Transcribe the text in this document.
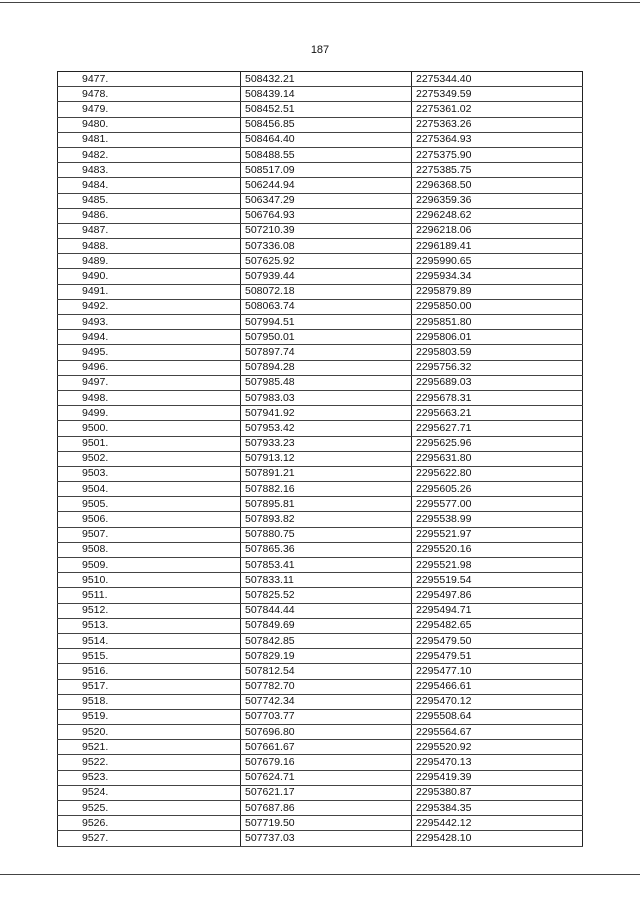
187
9477.	508432.21	2275344.40
9478.	508439.14	2275349.59
9479.	508452.51	2275361.02
9480.	508456.85	2275363.26
9481.	508464.40	2275364.93
9482.	508488.55	2275375.90
9483.	508517.09	2275385.75
9484.	506244.94	2296368.50
9485.	506347.29	2296359.36
9486.	506764.93	2296248.62
9487.	507210.39	2296218.06
9488.	507336.08	2296189.41
9489.	507625.92	2295990.65
9490.	507939.44	2295934.34
9491.	508072.18	2295879.89
9492.	508063.74	2295850.00
9493.	507994.51	2295851.80
9494.	507950.01	2295806.01
9495.	507897.74	2295803.59
9496.	507894.28	2295756.32
9497.	507985.48	2295689.03
9498.	507983.03	2295678.31
9499.	507941.92	2295663.21
9500.	507953.42	2295627.71
9501.	507933.23	2295625.96
9502.	507913.12	2295631.80
9503.	507891.21	2295622.80
9504.	507882.16	2295605.26
9505.	507895.81	2295577.00
9506.	507893.82	2295538.99
9507.	507880.75	2295521.97
9508.	507865.36	2295520.16
9509.	507853.41	2295521.98
9510.	507833.11	2295519.54
9511.	507825.52	2295497.86
9512.	507844.44	2295494.71
9513.	507849.69	2295482.65
9514.	507842.85	2295479.50
9515.	507829.19	2295479.51
9516.	507812.54	2295477.10
9517.	507782.70	2295466.61
9518.	507742.34	2295470.12
9519.	507703.77	2295508.64
9520.	507696.80	2295564.67
9521.	507661.67	2295520.92
9522.	507679.16	2295470.13
9523.	507624.71	2295419.39
9524.	507621.17	2295380.87
9525.	507687.86	2295384.35
9526.	507719.50	2295442.12
9527.	507737.03	2295428.10
